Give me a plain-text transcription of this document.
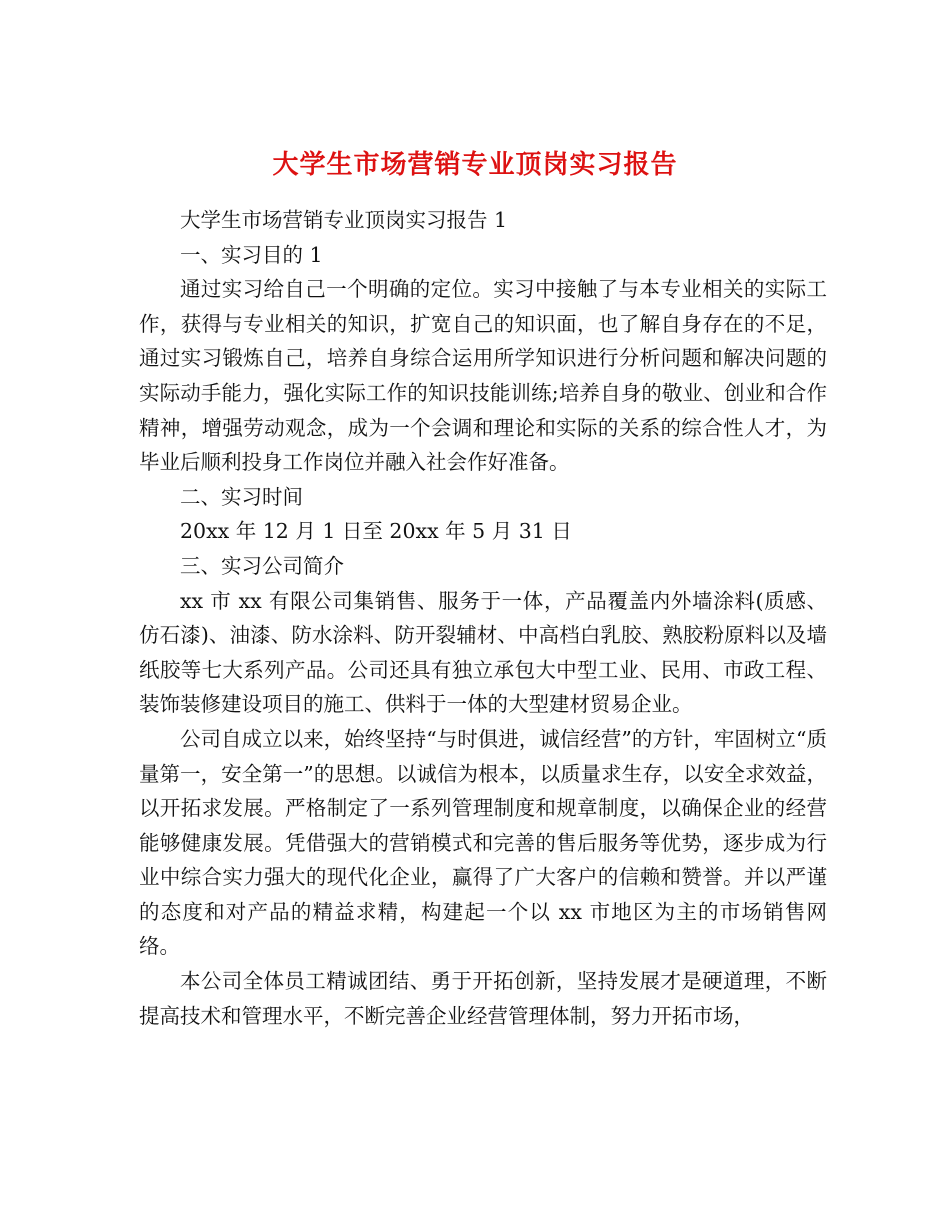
大学生市场营销专业顶岗实习报告

大学生市场营销专业顶岗实习报告 1

一、实习目的 1

通过实习给自己一个明确的定位。实习中接触了与本专业相关的实际工作，获得与专业相关的知识，扩宽自己的知识面，也了解自身存在的不足，通过实习锻炼自己，培养自身综合运用所学知识进行分析问题和解决问题的实际动手能力，强化实际工作的知识技能训练;培养自身的敬业、创业和合作精神，增强劳动观念，成为一个会调和理论和实际的关系的综合性人才，为毕业后顺利投身工作岗位并融入社会作好准备。

二、实习时间

20xx 年 12 月 1 日至 20xx 年 5 月 31 日

三、实习公司简介

xx 市 xx 有限公司集销售、服务于一体，产品覆盖内外墙涂料(质感、仿石漆)、油漆、防水涂料、防开裂辅材、中高档白乳胶、熟胶粉原料以及墙纸胶等七大系列产品。公司还具有独立承包大中型工业、民用、市政工程、装饰装修建设项目的施工、供料于一体的大型建材贸易企业。

公司自成立以来，始终坚持“与时俱进，诚信经营”的方针，牢固树立“质量第一，安全第一”的思想。以诚信为根本，以质量求生存，以安全求效益，以开拓求发展。严格制定了一系列管理制度和规章制度，以确保企业的经营能够健康发展。凭借强大的营销模式和完善的售后服务等优势，逐步成为行业中综合实力强大的现代化企业，赢得了广大客户的信赖和赞誉。并以严谨的态度和对产品的精益求精，构建起一个以 xx 市地区为主的市场销售网络。

本公司全体员工精诚团结、勇于开拓创新，坚持发展才是硬道理，不断提高技术和管理水平，不断完善企业经营管理体制，努力开拓市场，
